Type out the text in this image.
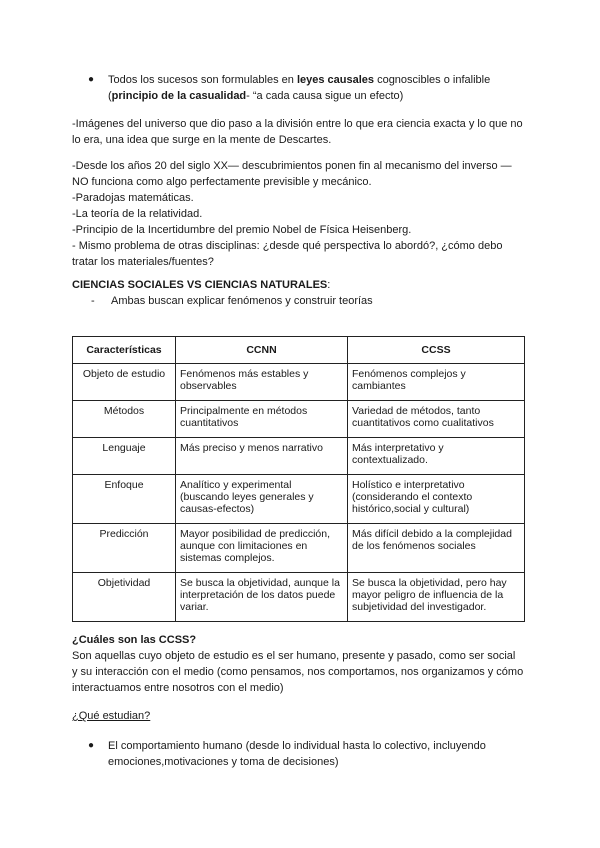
● Todos los sucesos son formulables en leyes causales cognoscibles o infalible

(principio de la casualidad- “a cada causa sigue un efecto)

-Imágenes del universo que dio paso a la división entre lo que era ciencia exacta y lo que no

lo era, una idea que surge en la mente de Descartes.

-Desde los años 20 del siglo XX— descubrimientos ponen fin al mecanismo del inverso —

NO funciona como algo perfectamente previsible y mecánico.

-Paradojas matemáticas.

-La teoría de la relatividad.

-Principio de la Incertidumbre del premio Nobel de Física Heisenberg.

- Mismo problema de otras disciplinas: ¿desde qué perspectiva lo abordó?, ¿cómo debo

tratar los materiales/fuentes?

CIENCIAS SOCIALES VS CIENCIAS NATURALES:

- Ambas buscan explicar fenómenos y construir teorías
Características	CCNN	CCSS
Objeto de estudio	Fenómenos más estables y observables	Fenómenos complejos y cambiantes
Métodos	Principalmente en métodos cuantitativos	Variedad de métodos, tanto cuantitativos como cualitativos
Lenguaje	Más preciso y menos narrativo	Más interpretativo y contextualizado.
Enfoque	Analítico y experimental (buscando leyes generales y causas-efectos)	Holístico e interpretativo (considerando el contexto histórico,social y cultural)
Predicción	Mayor posibilidad de predicción, aunque con limitaciones en sistemas complejos.	Más difícil debido a la complejidad de los fenómenos sociales
Objetividad	Se busca la objetividad, aunque la interpretación de los datos puede variar.	Se busca la objetividad, pero hay mayor peligro de influencia de la subjetividad del investigador.

¿Cuáles son las CCSS?

Son aquellas cuyo objeto de estudio es el ser humano, presente y pasado, como ser social

y su interacción con el medio (como pensamos, nos comportamos, nos organizamos y cómo

interactuamos entre nosotros con el medio)

¿Qué estudian?

● El comportamiento humano (desde lo individual hasta lo colectivo, incluyendo

emociones,motivaciones y toma de decisiones)
